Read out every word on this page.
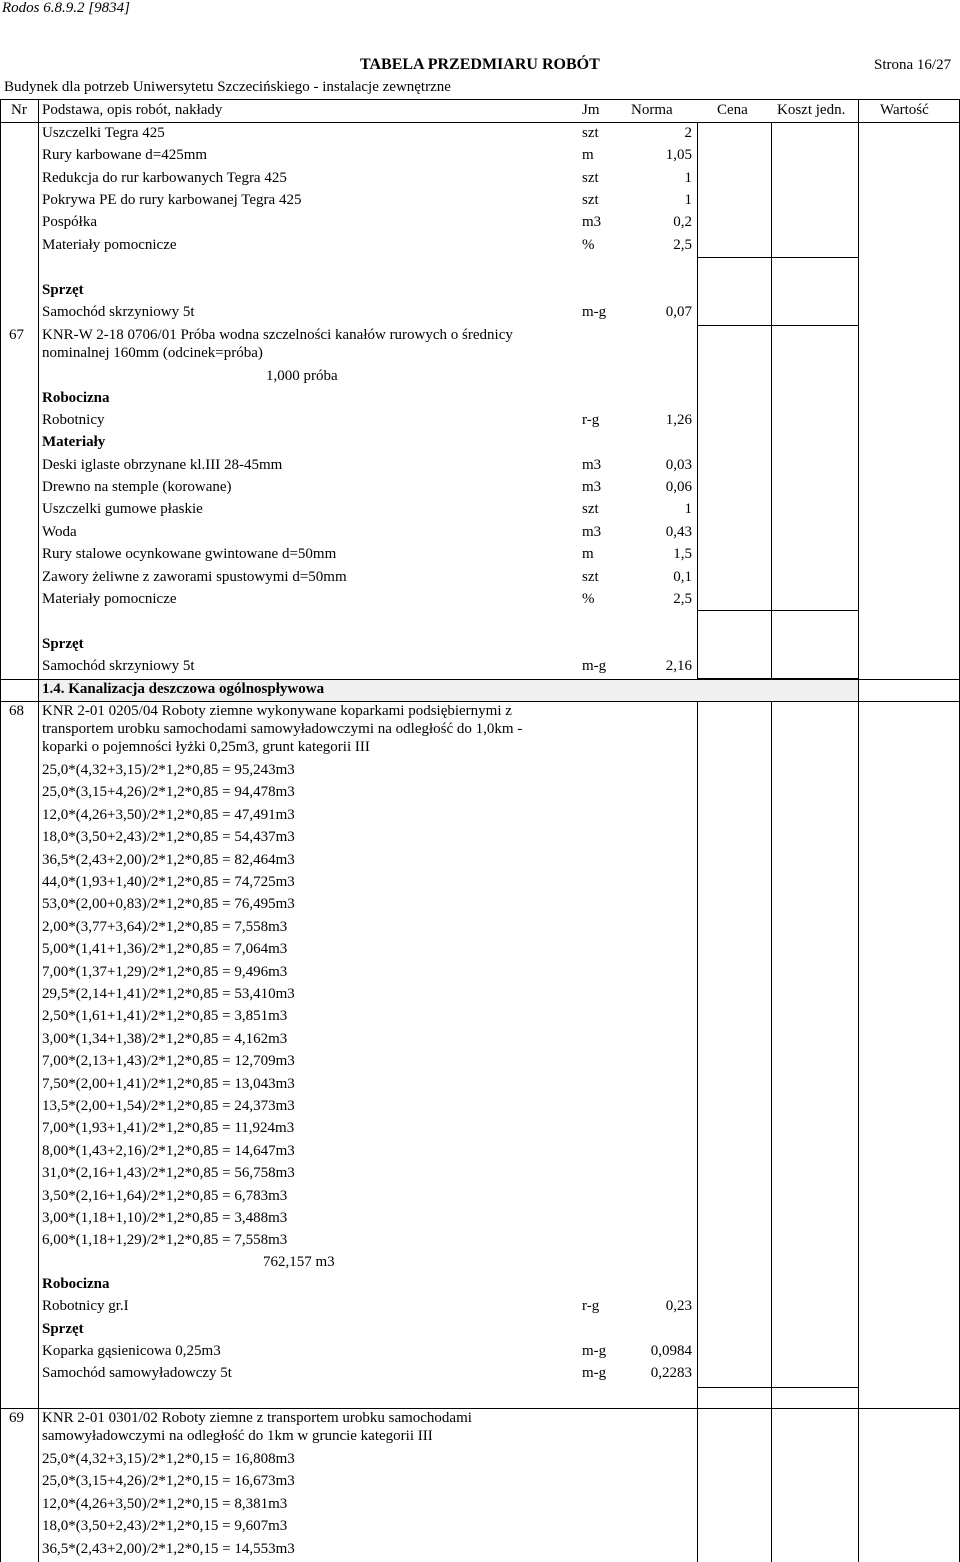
Rodos 6.8.9.2 [9834]
TABELA PRZEDMIARU ROBÓT	Strona 16/27
Budynek dla potrzeb Uniwersytetu Szczecińskiego - instalacje zewnętrzne
Nr Podstawa, opis robót, nakłady	Jm Norma	Cena Koszt jedn. Wartość
Uszczelki Tegra 425	szt	2
Rury karbowane d=425mm	m	1,05
Redukcja do rur karbowanych Tegra 425	szt	1
Pokrywa PE do rury karbowanej Tegra 425	szt	1
Pospółka	m3	0,2
Materiały pomocnicze	%	2,5
Sprzęt
Samochód skrzyniowy 5t	m-g	0,07
67 KNR-W 2-18 0706/01 Próba wodna szczelności kanałów rurowych o średnicy
nominalnej 160mm (odcinek=próba)
1,000 próba
Robocizna
Robotnicy	r-g	1,26
Materiały
Deski iglaste obrzynane kl.III 28-45mm	m3	0,03
Drewno na stemple (korowane)	m3	0,06
Uszczelki gumowe płaskie	szt	1
Woda	m3	0,43
Rury stalowe ocynkowane gwintowane d=50mm	m	1,5
Zawory żeliwne z zaworami spustowymi d=50mm	szt	0,1
Materiały pomocnicze	%	2,5
Sprzęt
Samochód skrzyniowy 5t	m-g	2,16
1.4. Kanalizacja deszczowa ogólnospływowa
68 KNR 2-01 0205/04 Roboty ziemne wykonywane koparkami podsiębiernymi z
transportem urobku samochodami samowyładowczymi na odległość do 1,0km -
koparki o pojemności łyżki 0,25m3, grunt kategorii III
25,0*(4,32+3,15)/2*1,2*0,85 = 95,243m3
25,0*(3,15+4,26)/2*1,2*0,85 = 94,478m3
12,0*(4,26+3,50)/2*1,2*0,85 = 47,491m3
18,0*(3,50+2,43)/2*1,2*0,85 = 54,437m3
36,5*(2,43+2,00)/2*1,2*0,85 = 82,464m3
44,0*(1,93+1,40)/2*1,2*0,85 = 74,725m3
53,0*(2,00+0,83)/2*1,2*0,85 = 76,495m3
2,00*(3,77+3,64)/2*1,2*0,85 = 7,558m3
5,00*(1,41+1,36)/2*1,2*0,85 = 7,064m3
7,00*(1,37+1,29)/2*1,2*0,85 = 9,496m3
29,5*(2,14+1,41)/2*1,2*0,85 = 53,410m3
2,50*(1,61+1,41)/2*1,2*0,85 = 3,851m3
3,00*(1,34+1,38)/2*1,2*0,85 = 4,162m3
7,00*(2,13+1,43)/2*1,2*0,85 = 12,709m3
7,50*(2,00+1,41)/2*1,2*0,85 = 13,043m3
13,5*(2,00+1,54)/2*1,2*0,85 = 24,373m3
7,00*(1,93+1,41)/2*1,2*0,85 = 11,924m3
8,00*(1,43+2,16)/2*1,2*0,85 = 14,647m3
31,0*(2,16+1,43)/2*1,2*0,85 = 56,758m3
3,50*(2,16+1,64)/2*1,2*0,85 = 6,783m3
3,00*(1,18+1,10)/2*1,2*0,85 = 3,488m3
6,00*(1,18+1,29)/2*1,2*0,85 = 7,558m3
762,157 m3
Robocizna
Robotnicy gr.I	r-g	0,23
Sprzęt
Koparka gąsienicowa 0,25m3	m-g	0,0984
Samochód samowyładowczy 5t	m-g	0,2283
69 KNR 2-01 0301/02 Roboty ziemne z transportem urobku samochodami
samowyładowczymi na odległość do 1km w gruncie kategorii III
25,0*(4,32+3,15)/2*1,2*0,15 = 16,808m3
25,0*(3,15+4,26)/2*1,2*0,15 = 16,673m3
12,0*(4,26+3,50)/2*1,2*0,15 = 8,381m3
18,0*(3,50+2,43)/2*1,2*0,15 = 9,607m3
36,5*(2,43+2,00)/2*1,2*0,15 = 14,553m3
